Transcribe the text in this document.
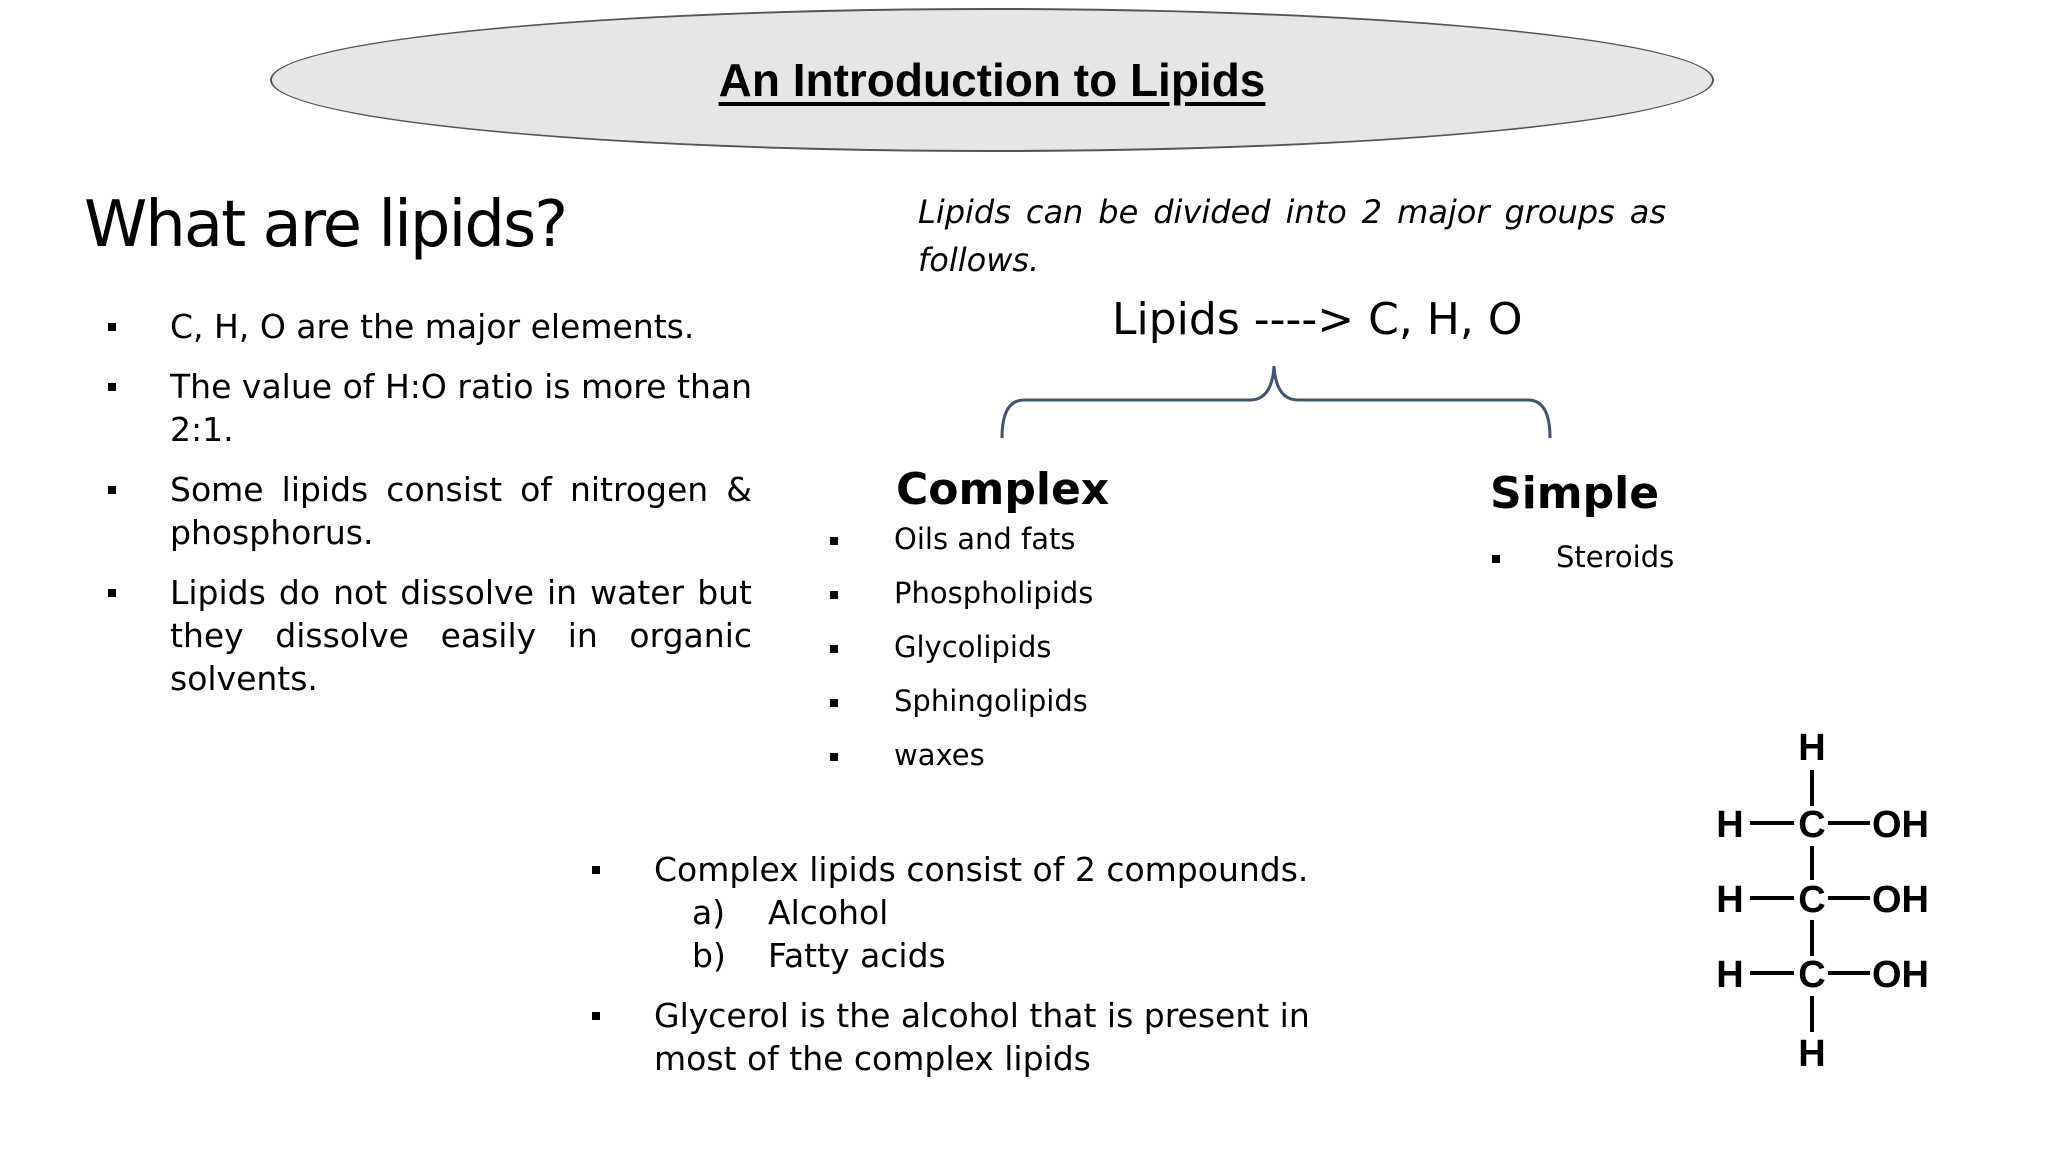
An Introduction to Lipids
What are lipids?
C, H, O are the major elements.
The value of H:O ratio is more than 2:1.
Some lipids consist of nitrogen & phosphorus.
Lipids do not dissolve in water but they dissolve easily in organic solvents.
Lipids can be divided into 2 major groups as follows.
Lipids ----> C, H, O
Complex	Simple
Oils and fats
Phospholipids
Glycolipids
Sphingolipids
waxes
Steroids
Complex lipids consist of 2 compounds.
a) Alcohol
b) Fatty acids
Glycerol is the alcohol that is present in most of the complex lipids
H
H C OH
H C OH
H C OH
H
